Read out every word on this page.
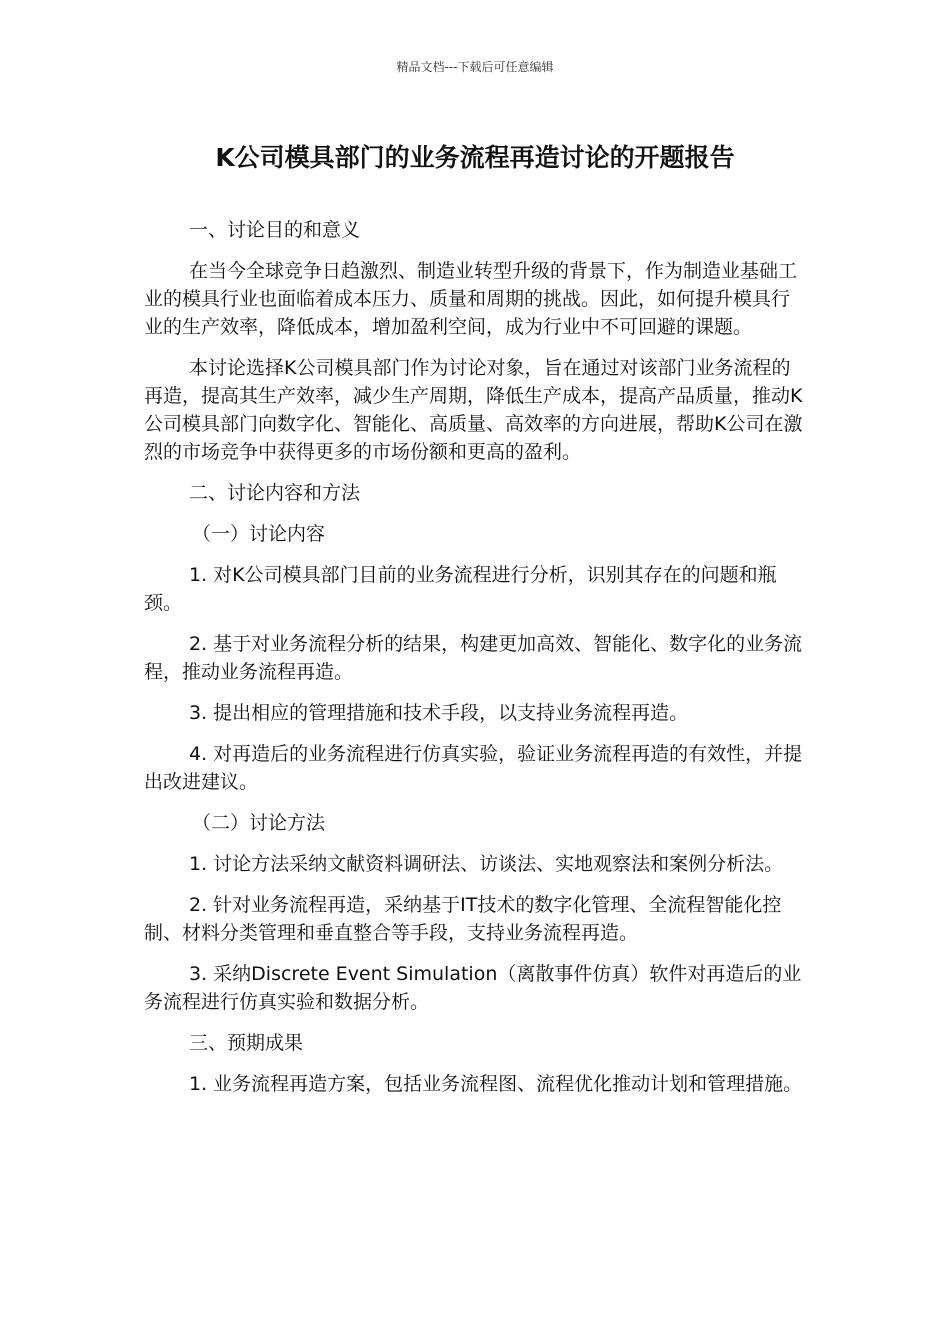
精品文档---下载后可任意编辑
K公司模具部门的业务流程再造讨论的开题报告

一、讨论目的和意义

在当今全球竞争日趋激烈、制造业转型升级的背景下，作为制造业基础工业的模具行业也面临着成本压力、质量和周期的挑战。因此，如何提升模具行业的生产效率，降低成本，增加盈利空间，成为行业中不可回避的课题。

本讨论选择K公司模具部门作为讨论对象，旨在通过对该部门业务流程的再造，提高其生产效率，减少生产周期，降低生产成本，提高产品质量，推动K公司模具部门向数字化、智能化、高质量、高效率的方向进展，帮助K公司在激烈的市场竞争中获得更多的市场份额和更高的盈利。

二、讨论内容和方法

（一）讨论内容

1. 对K公司模具部门目前的业务流程进行分析，识别其存在的问题和瓶颈。

2. 基于对业务流程分析的结果，构建更加高效、智能化、数字化的业务流程，推动业务流程再造。

3. 提出相应的管理措施和技术手段，以支持业务流程再造。

4. 对再造后的业务流程进行仿真实验，验证业务流程再造的有效性，并提出改进建议。

（二）讨论方法

1. 讨论方法采纳文献资料调研法、访谈法、实地观察法和案例分析法。

2. 针对业务流程再造，采纳基于IT技术的数字化管理、全流程智能化控制、材料分类管理和垂直整合等手段，支持业务流程再造。

3. 采纳Discrete Event Simulation（离散事件仿真）软件对再造后的业务流程进行仿真实验和数据分析。

三、预期成果

1. 业务流程再造方案，包括业务流程图、流程优化推动计划和管理措施。
